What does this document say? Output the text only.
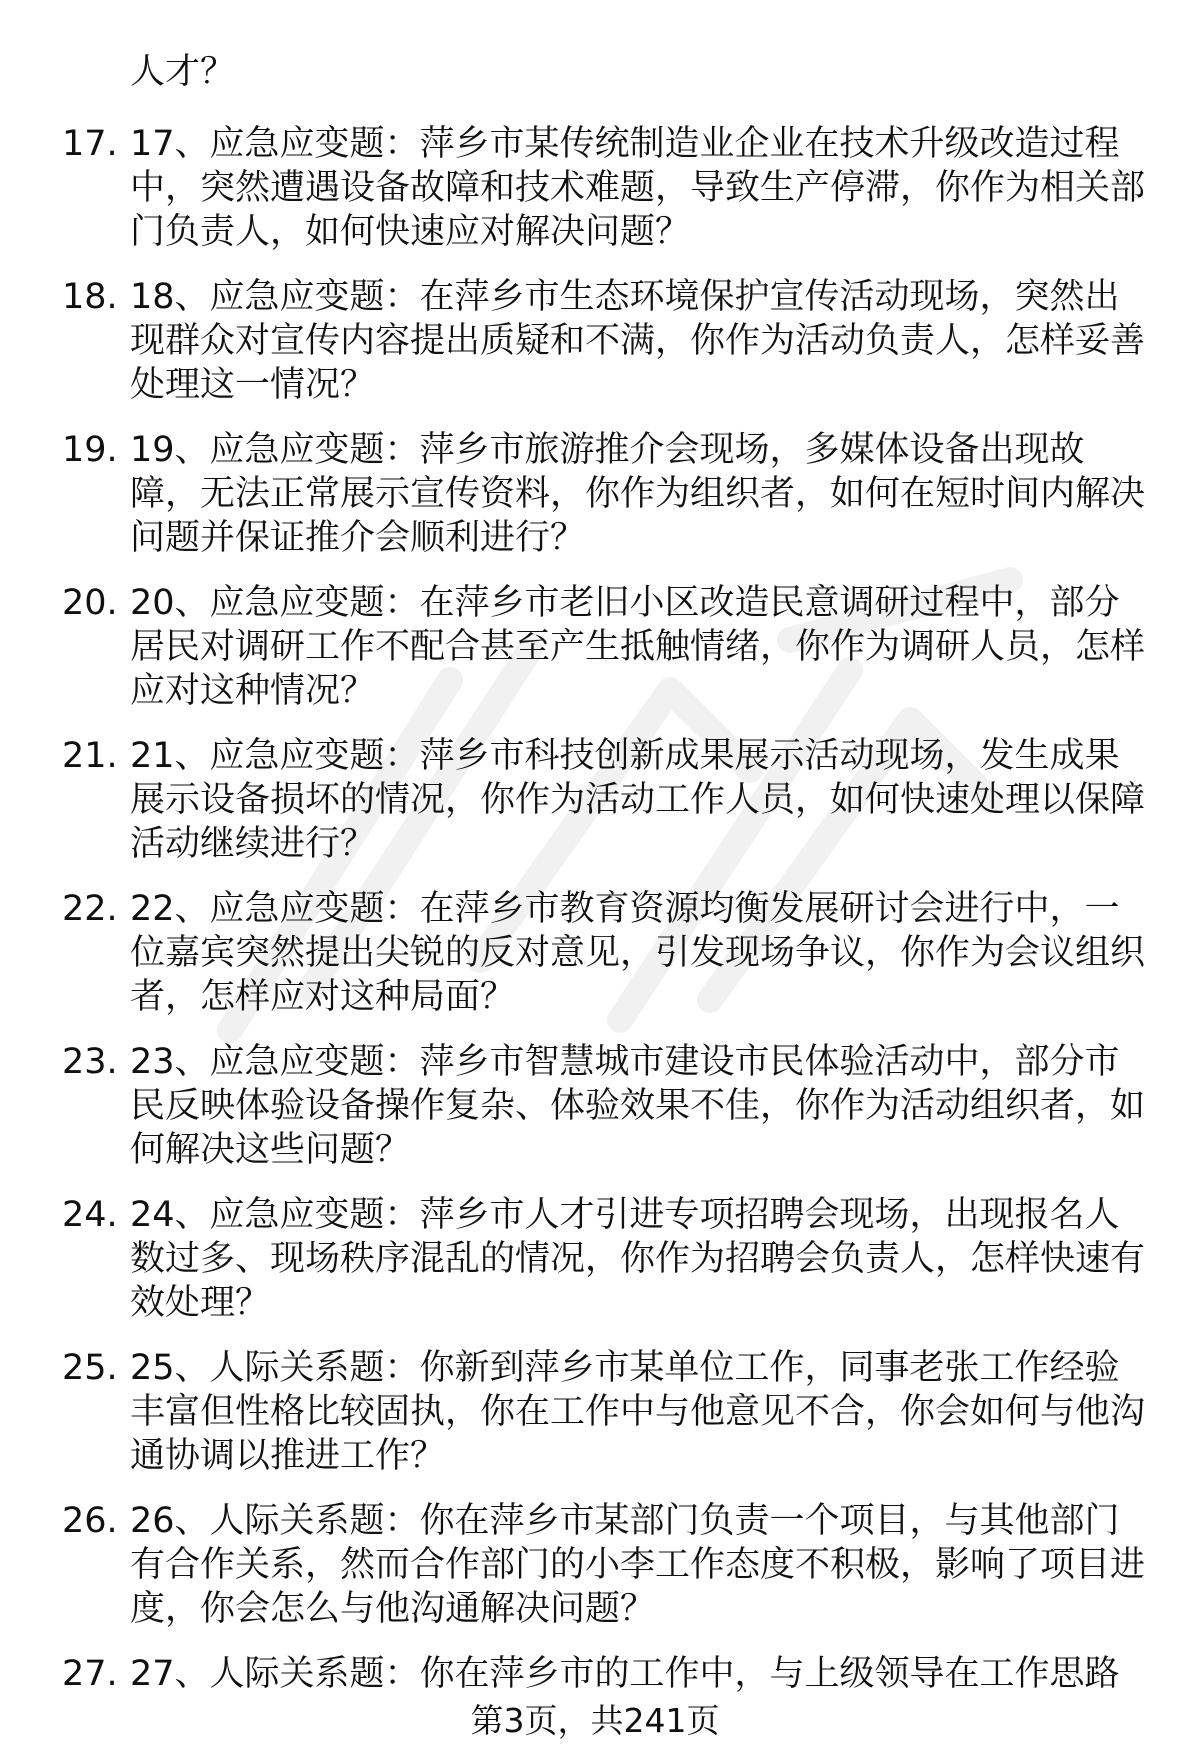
人才？
17. 17、应急应变题：萍乡市某传统制造业企业在技术升级改造过程中，突然遭遇设备故障和技术难题，导致生产停滞，你作为相关部门负责人，如何快速应对解决问题？
18. 18、应急应变题：在萍乡市生态环境保护宣传活动现场，突然出现群众对宣传内容提出质疑和不满，你作为活动负责人，怎样妥善处理这一情况？
19. 19、应急应变题：萍乡市旅游推介会现场，多媒体设备出现故障，无法正常展示宣传资料，你作为组织者，如何在短时间内解决问题并保证推介会顺利进行？
20. 20、应急应变题：在萍乡市老旧小区改造民意调研过程中，部分居民对调研工作不配合甚至产生抵触情绪，你作为调研人员，怎样应对这种情况？
21. 21、应急应变题：萍乡市科技创新成果展示活动现场，发生成果展示设备损坏的情况，你作为活动工作人员，如何快速处理以保障活动继续进行？
22. 22、应急应变题：在萍乡市教育资源均衡发展研讨会进行中，一位嘉宾突然提出尖锐的反对意见，引发现场争议，你作为会议组织者，怎样应对这种局面？
23. 23、应急应变题：萍乡市智慧城市建设市民体验活动中，部分市民反映体验设备操作复杂、体验效果不佳，你作为活动组织者，如何解决这些问题？
24. 24、应急应变题：萍乡市人才引进专项招聘会现场，出现报名人数过多、现场秩序混乱的情况，你作为招聘会负责人，怎样快速有效处理？
25. 25、人际关系题：你新到萍乡市某单位工作，同事老张工作经验丰富但性格比较固执，你在工作中与他意见不合，你会如何与他沟通协调以推进工作？
26. 26、人际关系题：你在萍乡市某部门负责一个项目，与其他部门有合作关系，然而合作部门的小李工作态度不积极，影响了项目进度，你会怎么与他沟通解决问题？
27. 27、人际关系题：你在萍乡市的工作中，与上级领导在工作思路
第3页，共241页
